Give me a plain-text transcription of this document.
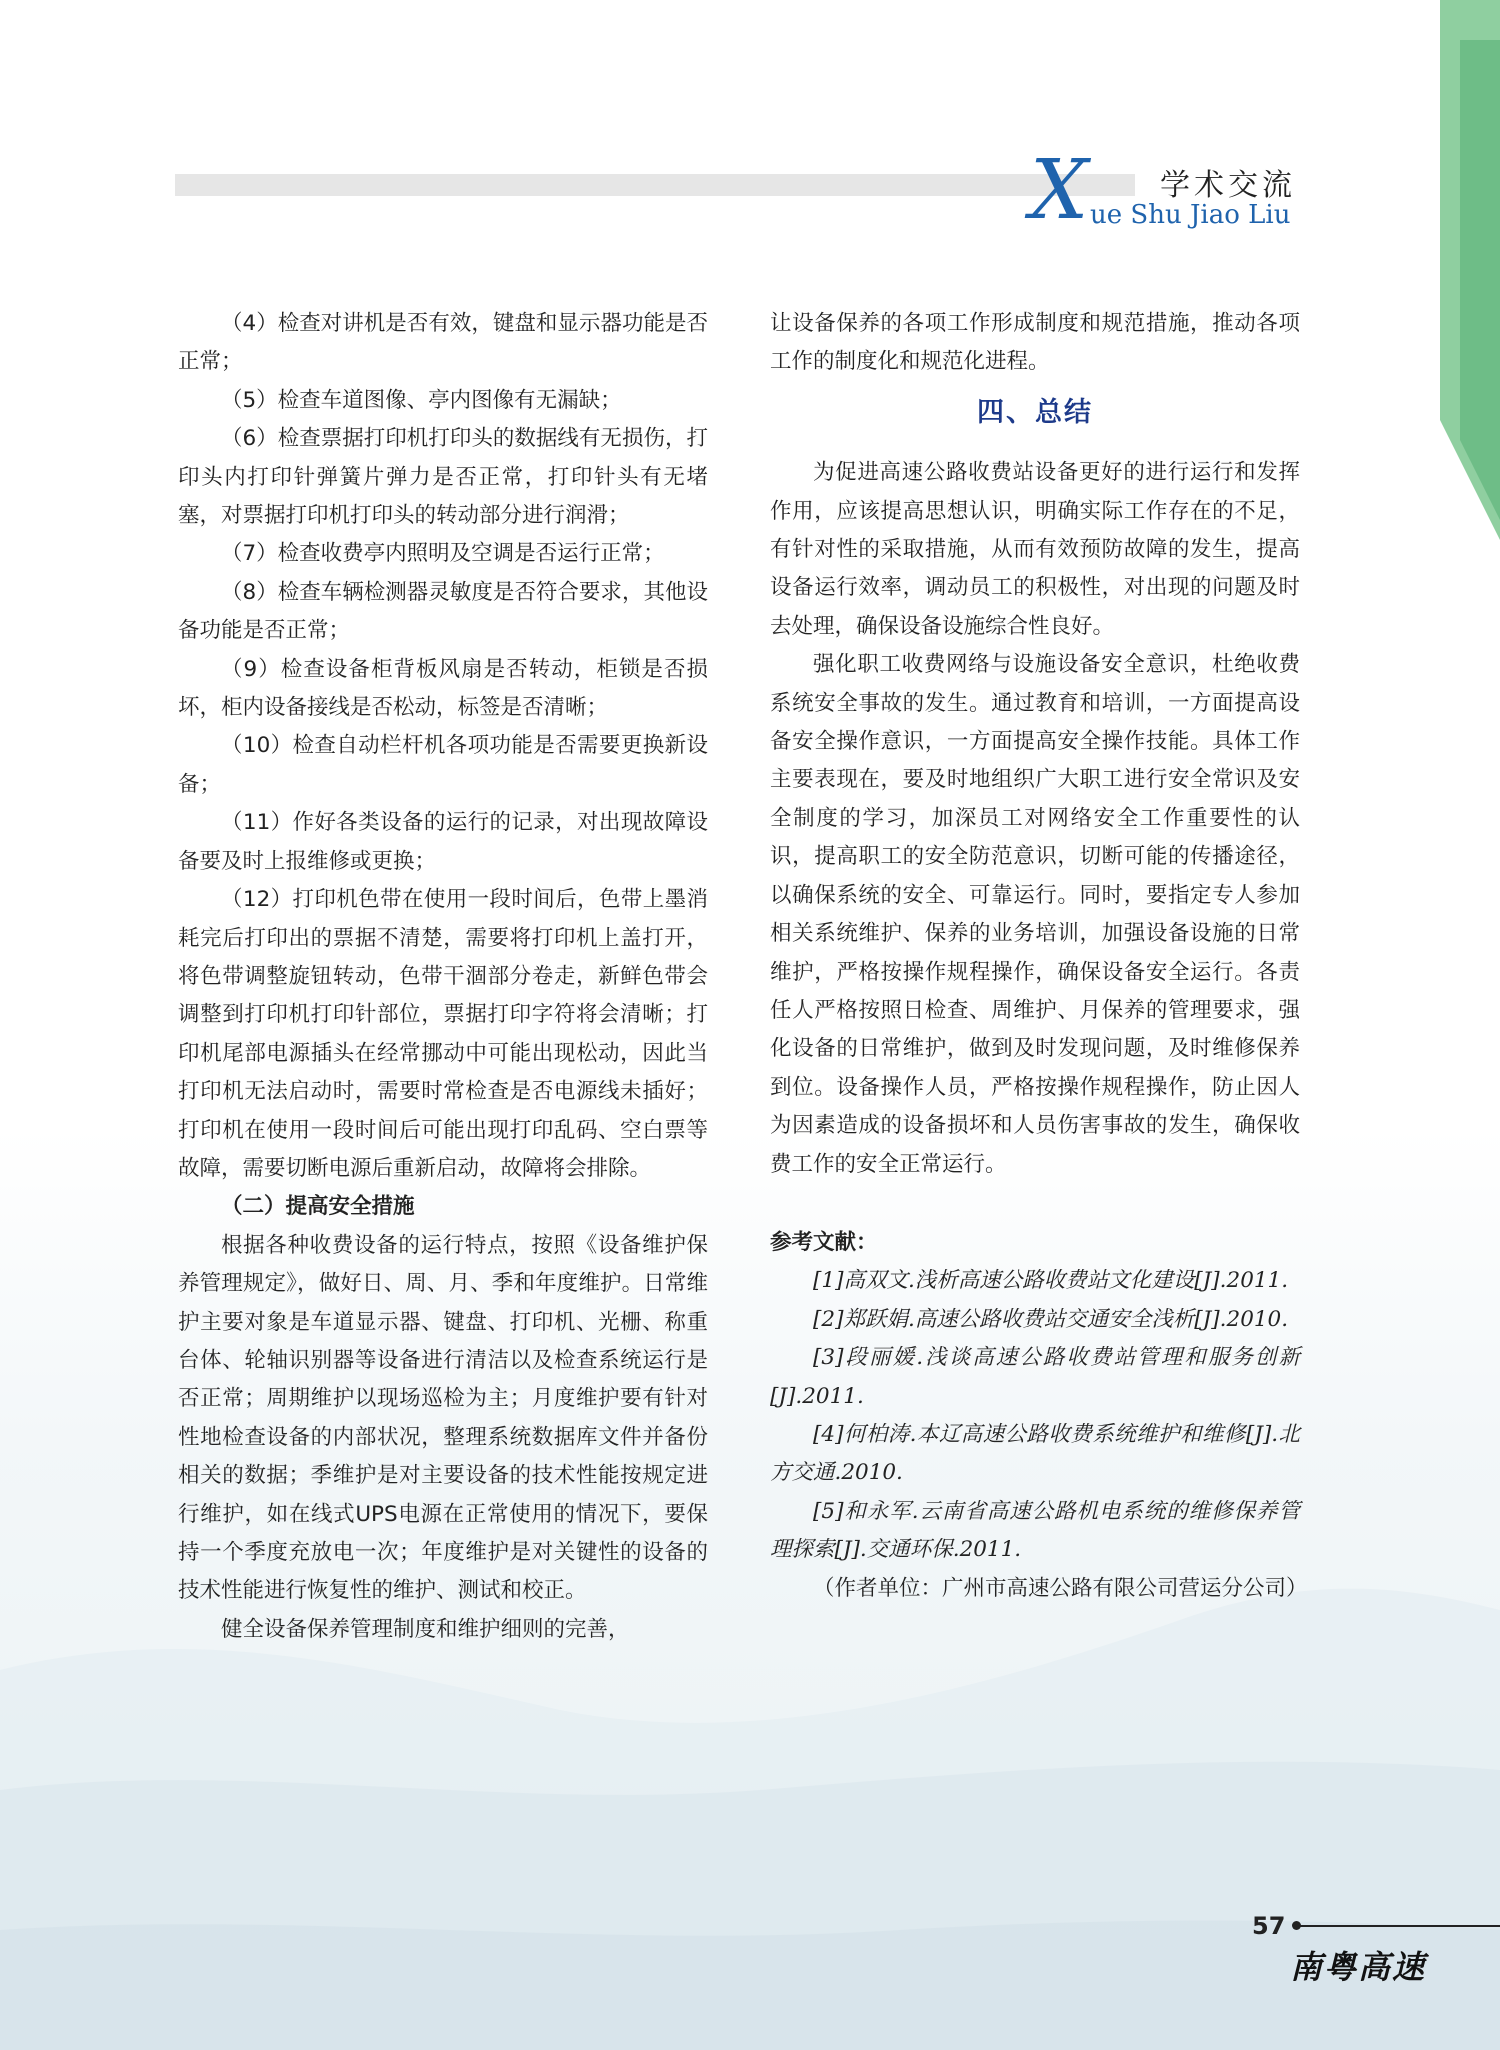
X 学术交流
ue Shu Jiao Liu

（4）检查对讲机是否有效，键盘和显示器功能是否正常；

（5）检查车道图像、亭内图像有无漏缺；

（6）检查票据打印机打印头的数据线有无损伤，打印头内打印针弹簧片弹力是否正常，打印针头有无堵塞，对票据打印机打印头的转动部分进行润滑；

（7）检查收费亭内照明及空调是否运行正常；

（8）检查车辆检测器灵敏度是否符合要求，其他设备功能是否正常；

（9）检查设备柜背板风扇是否转动，柜锁是否损坏，柜内设备接线是否松动，标签是否清晰；

（10）检查自动栏杆机各项功能是否需要更换新设备；

（11）作好各类设备的运行的记录，对出现故障设备要及时上报维修或更换；

（12）打印机色带在使用一段时间后，色带上墨消耗完后打印出的票据不清楚，需要将打印机上盖打开，将色带调整旋钮转动，色带干涸部分卷走，新鲜色带会调整到打印机打印针部位，票据打印字符将会清晰；打印机尾部电源插头在经常挪动中可能出现松动，因此当打印机无法启动时，需要时常检查是否电源线未插好；打印机在使用一段时间后可能出现打印乱码、空白票等故障，需要切断电源后重新启动，故障将会排除。

（二）提高安全措施

根据各种收费设备的运行特点，按照《设备维护保养管理规定》，做好日、周、月、季和年度维护。日常维护主要对象是车道显示器、键盘、打印机、光栅、称重台体、轮轴识别器等设备进行清洁以及检查系统运行是否正常；周期维护以现场巡检为主；月度维护要有针对性地检查设备的内部状况，整理系统数据库文件并备份相关的数据；季维护是对主要设备的技术性能按规定进行维护，如在线式UPS电源在正常使用的情况下，要保持一个季度充放电一次；年度维护是对关键性的设备的技术性能进行恢复性的维护、测试和校正。

健全设备保养管理制度和维护细则的完善，

让设备保养的各项工作形成制度和规范措施，推动各项工作的制度化和规范化进程。

四、总结

为促进高速公路收费站设备更好的进行运行和发挥作用，应该提高思想认识，明确实际工作存在的不足，有针对性的采取措施，从而有效预防故障的发生，提高设备运行效率，调动员工的积极性，对出现的问题及时去处理，确保设备设施综合性良好。

强化职工收费网络与设施设备安全意识，杜绝收费系统安全事故的发生。通过教育和培训，一方面提高设备安全操作意识，一方面提高安全操作技能。具体工作主要表现在，要及时地组织广大职工进行安全常识及安全制度的学习，加深员工对网络安全工作重要性的认识，提高职工的安全防范意识，切断可能的传播途径，以确保系统的安全、可靠运行。同时，要指定专人参加相关系统维护、保养的业务培训，加强设备设施的日常维护，严格按操作规程操作，确保设备安全运行。各责任人严格按照日检查、周维护、月保养的管理要求，强化设备的日常维护，做到及时发现问题，及时维修保养到位。设备操作人员，严格按操作规程操作，防止因人为因素造成的设备损坏和人员伤害事故的发生，确保收费工作的安全正常运行。

参考文献：

[1]高双文.浅析高速公路收费站文化建设[J].2011.

[2]郑跃娟.高速公路收费站交通安全浅析[J].2010.

[3]段丽媛.浅谈高速公路收费站管理和服务创新[J].2011.

[4]何柏涛.本辽高速公路收费系统维护和维修[J].北方交通.2010.

[5]和永军.云南省高速公路机电系统的维修保养管理探索[J].交通环保.2011.

（作者单位：广州市高速公路有限公司营运分公司）

57
南粤高速
